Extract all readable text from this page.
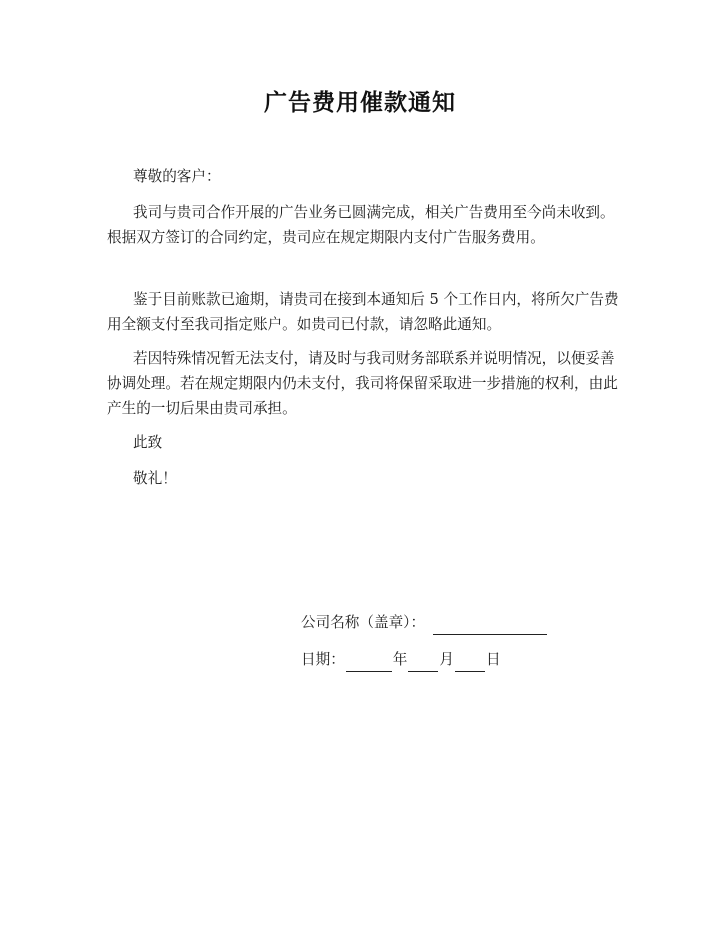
广告费用催款通知
尊敬的客户：
我司与贵司合作开展的广告业务已圆满完成，相关广告费用至今尚未收到。根据双方签订的合同约定，贵司应在规定期限内支付广告服务费用。
鉴于目前账款已逾期，请贵司在接到本通知后 5 个工作日内，将所欠广告费用全额支付至我司指定账户。如贵司已付款，请忽略此通知。
若因特殊情况暂无法支付，请及时与我司财务部联系并说明情况，以便妥善协调处理。若在规定期限内仍未支付，我司将保留采取进一步措施的权利，由此产生的一切后果由贵司承担。
此致
敬礼！
公司名称（盖章）：
日期：	年 月 日
